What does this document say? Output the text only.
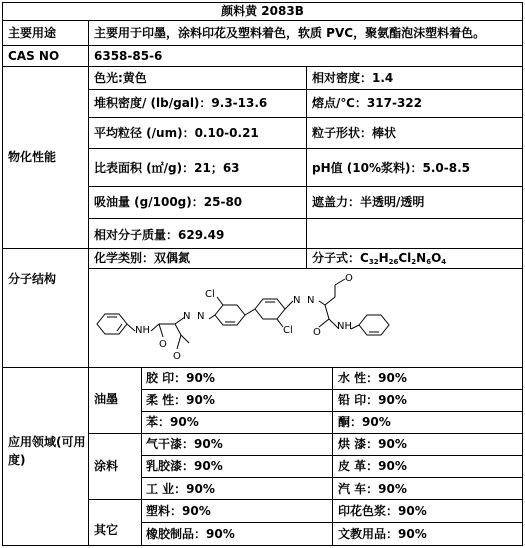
颜料黄 2083B
主要用途	主要用于印墨，涂料印花及塑料着色，软质 PVC，聚氨酯泡沫塑料着色。
CAS NO	6358-85-6
物化性能
色光:黄色	相对密度：1.4
堆积密度/ (lb/gal)：9.3-13.6	熔点/℃：317-322
平均粒径 (/um)：0.10-0.21	粒子形状：棒状
比表面积 (㎡/g)：21；63	pH值 (10%浆料)：5.0-8.5
吸油量 (g/100g)：25-80	遮盖力：半透明/透明
相对分子质量：629.49
分子结构
化学类别：双偶氮	分子式：$C_{32}H_{26}Cl_2N_6O_4$
NH
O
O
N N
Cl
Cl
N N
O
O
NH
应用领域(可用度)
油墨
胶 印：90%	水 性：90%
柔 性：90%	铅 印：90%
苯：90%	酮：90%
涂料
气干漆：90%	烘 漆：90%
乳胶漆：90%	皮 革：90%
工 业：90%	汽 车：90%
其它
塑料：90%	印花色浆：90%
橡胶制品：90%	文教用品：90%
